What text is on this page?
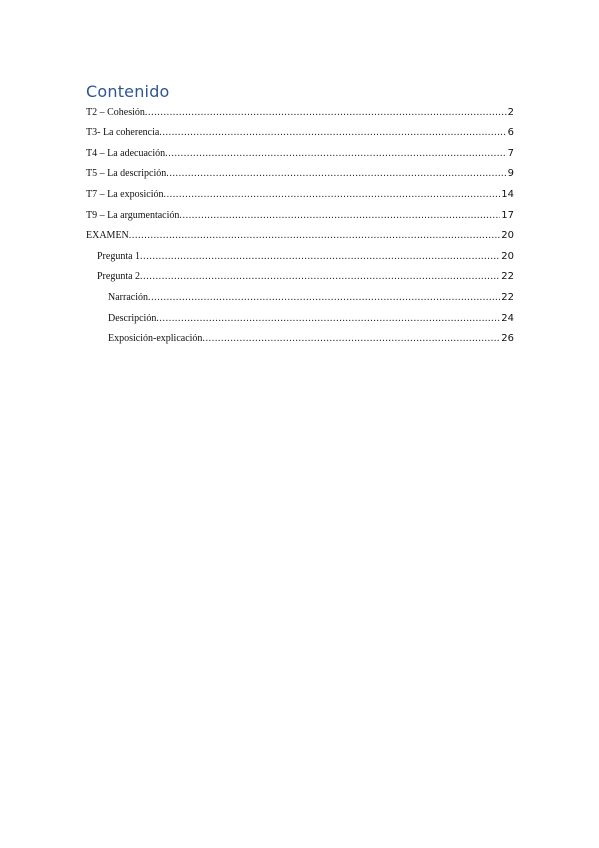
Contenido
T2 – Cohesión .....	2
T3- La coherencia .....	6
T4 – La adecuación .....	7
T5 – La descripción .....	9
T7 – La exposición .....	14
T9 – La argumentación .....	17
EXAMEN .....	20
Pregunta 1 .....	20
Pregunta 2 .....	22
Narración .....	22
Descripción .....	24
Exposición-explicación .....	26
